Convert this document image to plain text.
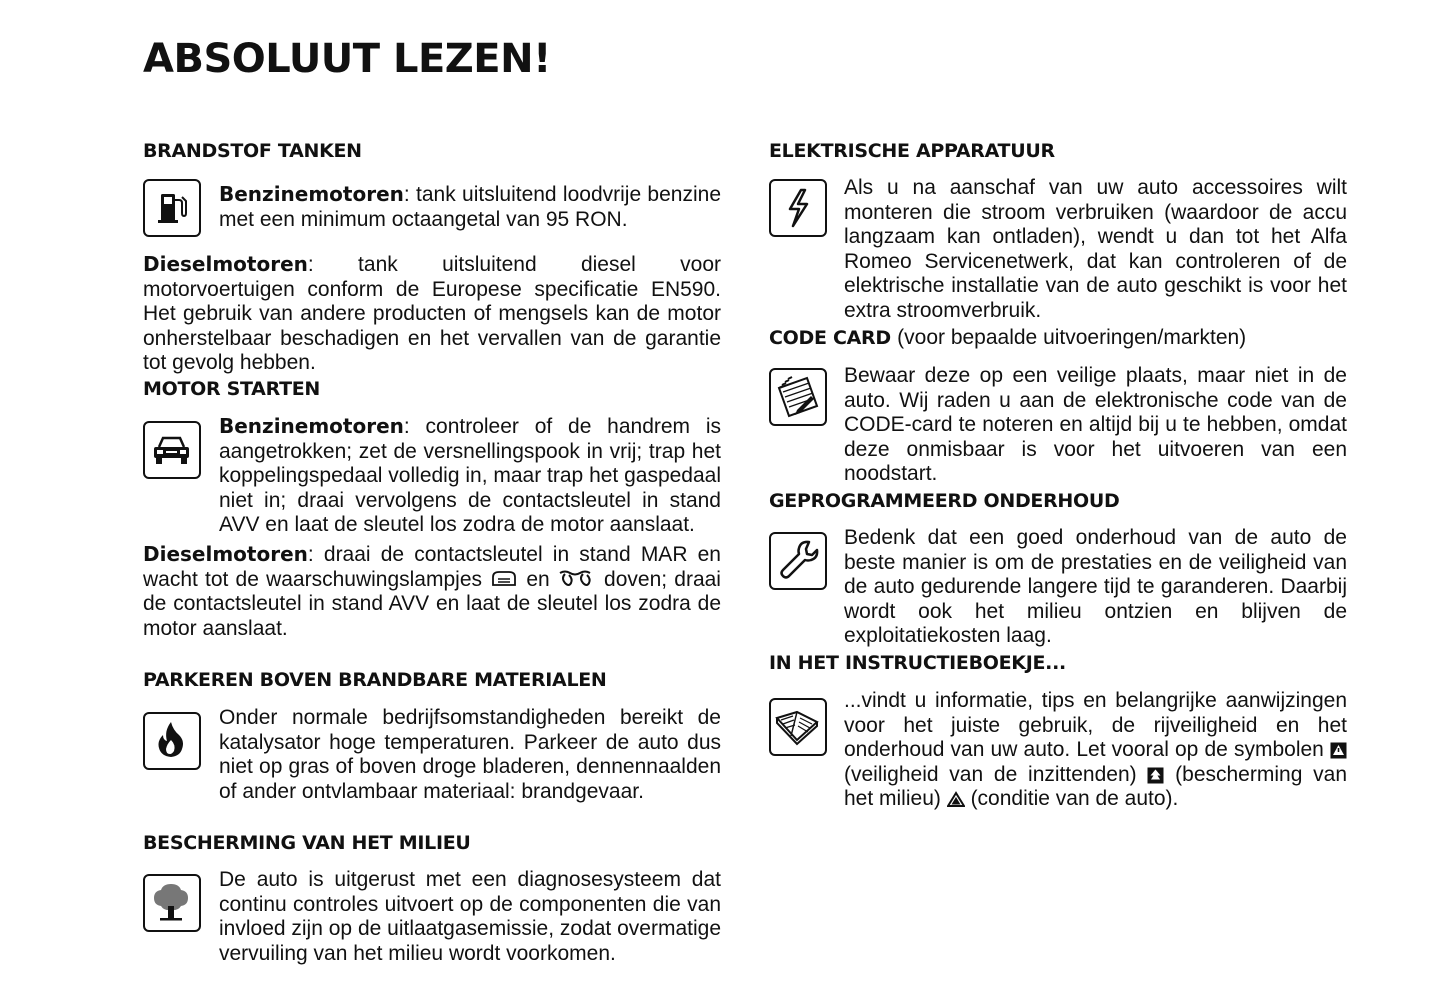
ABSOLUUT LEZEN!
BRANDSTOF TANKEN

Benzinemotoren: tank uitsluitend loodvrije benzine met een minimum octaangetal van 95 RON.

Dieselmotoren: tank uitsluitend diesel voor motorvoertuigen conform de Europese specificatie EN590. Het gebruik van andere producten of mengsels kan de motor onherstelbaar beschadigen en het vervallen van de garantie tot gevolg hebben.

MOTOR STARTEN

Benzinemotoren: controleer of de handrem is aangetrokken; zet de versnellingspook in vrij; trap het koppelingspedaal volledig in, maar trap het gaspedaal niet in; draai vervolgens de contactsleutel in stand AVV en laat de sleutel los zodra de motor aanslaat.

Dieselmotoren: draai de contactsleutel in stand MAR en wacht tot de waarschuwingslampjes en	doven; draai de contactsleutel in stand AVV en laat de sleutel los zodra de motor aanslaat.

PARKEREN BOVEN BRANDBARE MATERIALEN

Onder normale bedrijfsomstandigheden bereikt de katalysator hoge temperaturen. Parkeer de auto dus niet op gras of boven droge bladeren, dennennaalden of ander ontvlambaar materiaal: brandgevaar.

BESCHERMING VAN HET MILIEU

De auto is uitgerust met een diagnosesysteem dat continu controles uitvoert op de componenten die van invloed zijn op de uitlaatgasemissie, zodat overmatige vervuiling van het milieu wordt voorkomen.

ELEKTRISCHE APPARATUUR

Als u na aanschaf van uw auto accessoires wilt monteren die stroom verbruiken (waardoor de accu langzaam kan ontladen), wendt u dan tot het Alfa Romeo Servicenetwerk, dat kan controleren of de elektrische installatie van de auto geschikt is voor het extra stroomverbruik.

CODE CARD (voor bepaalde uitvoeringen/markten)

Bewaar deze op een veilige plaats, maar niet in de auto. Wij raden u aan de elektronische code van de CODE-card te noteren en altijd bij u te hebben, omdat deze onmisbaar is voor het uitvoeren van een noodstart.

GEPROGRAMMEERD ONDERHOUD

Bedenk dat een goed onderhoud van de auto de beste manier is om de prestaties en de veiligheid van de auto gedurende langere tijd te garanderen. Daarbij wordt ook het milieu ontzien en blijven de exploitatiekosten laag.

IN HET INSTRUCTIEBOEKJE...

...vindt u informatie, tips en belangrijke aanwijzingen voor het juiste gebruik, de rijveiligheid en het onderhoud van uw auto. Let vooral op de symbolen  (veiligheid van de inzittenden) (bescherming van het milieu) (conditie van de auto).
